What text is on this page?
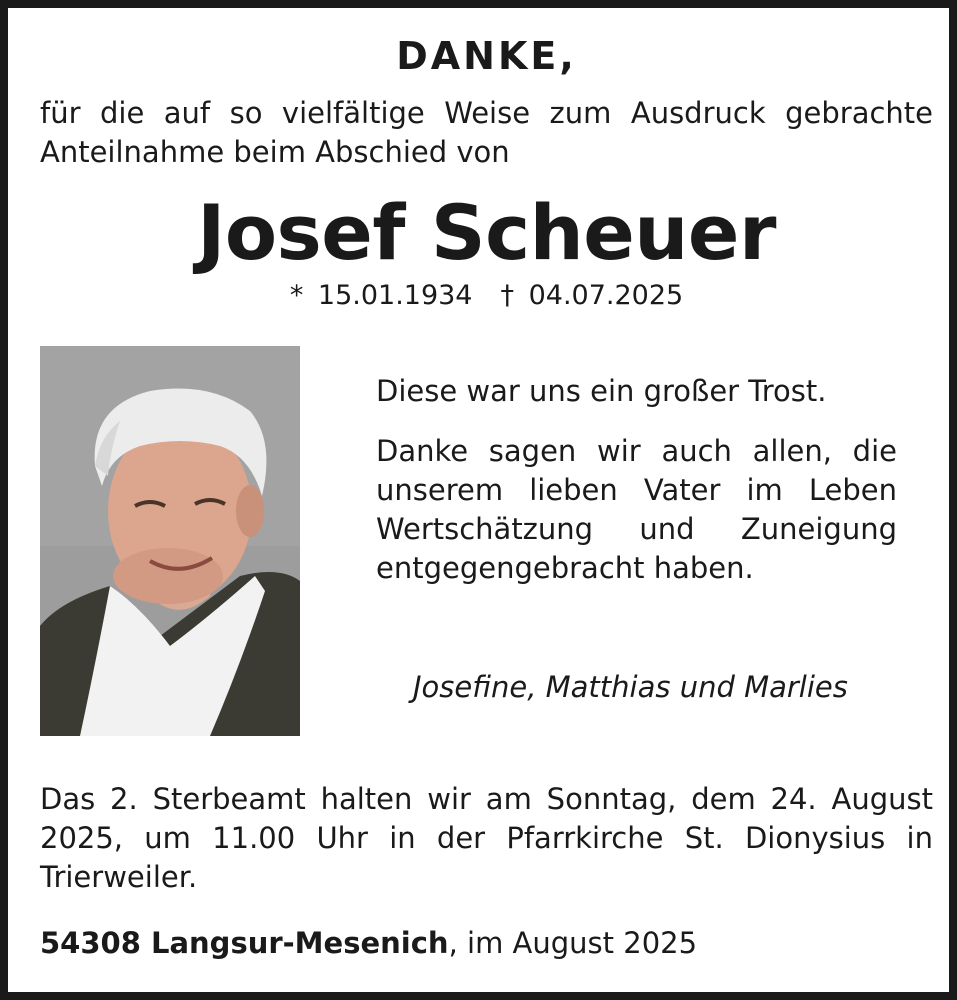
DANKE,
für die auf so vielfältige Weise zum Ausdruck gebrachte Anteilnahme beim Abschied von
Josef Scheuer
* 15.01.1934 † 04.07.2025
Diese war uns ein großer Trost.
Danke sagen wir auch allen, die unserem lieben Vater im Leben Wertschätzung und Zuneigung entgegengebracht haben.
Josefine, Matthias und Marlies
Das 2. Sterbeamt halten wir am Sonntag, dem 24. August 2025, um 11.00 Uhr in der Pfarrkirche St. Dionysius in Trierweiler.
54308 Langsur-Mesenich, im August 2025
